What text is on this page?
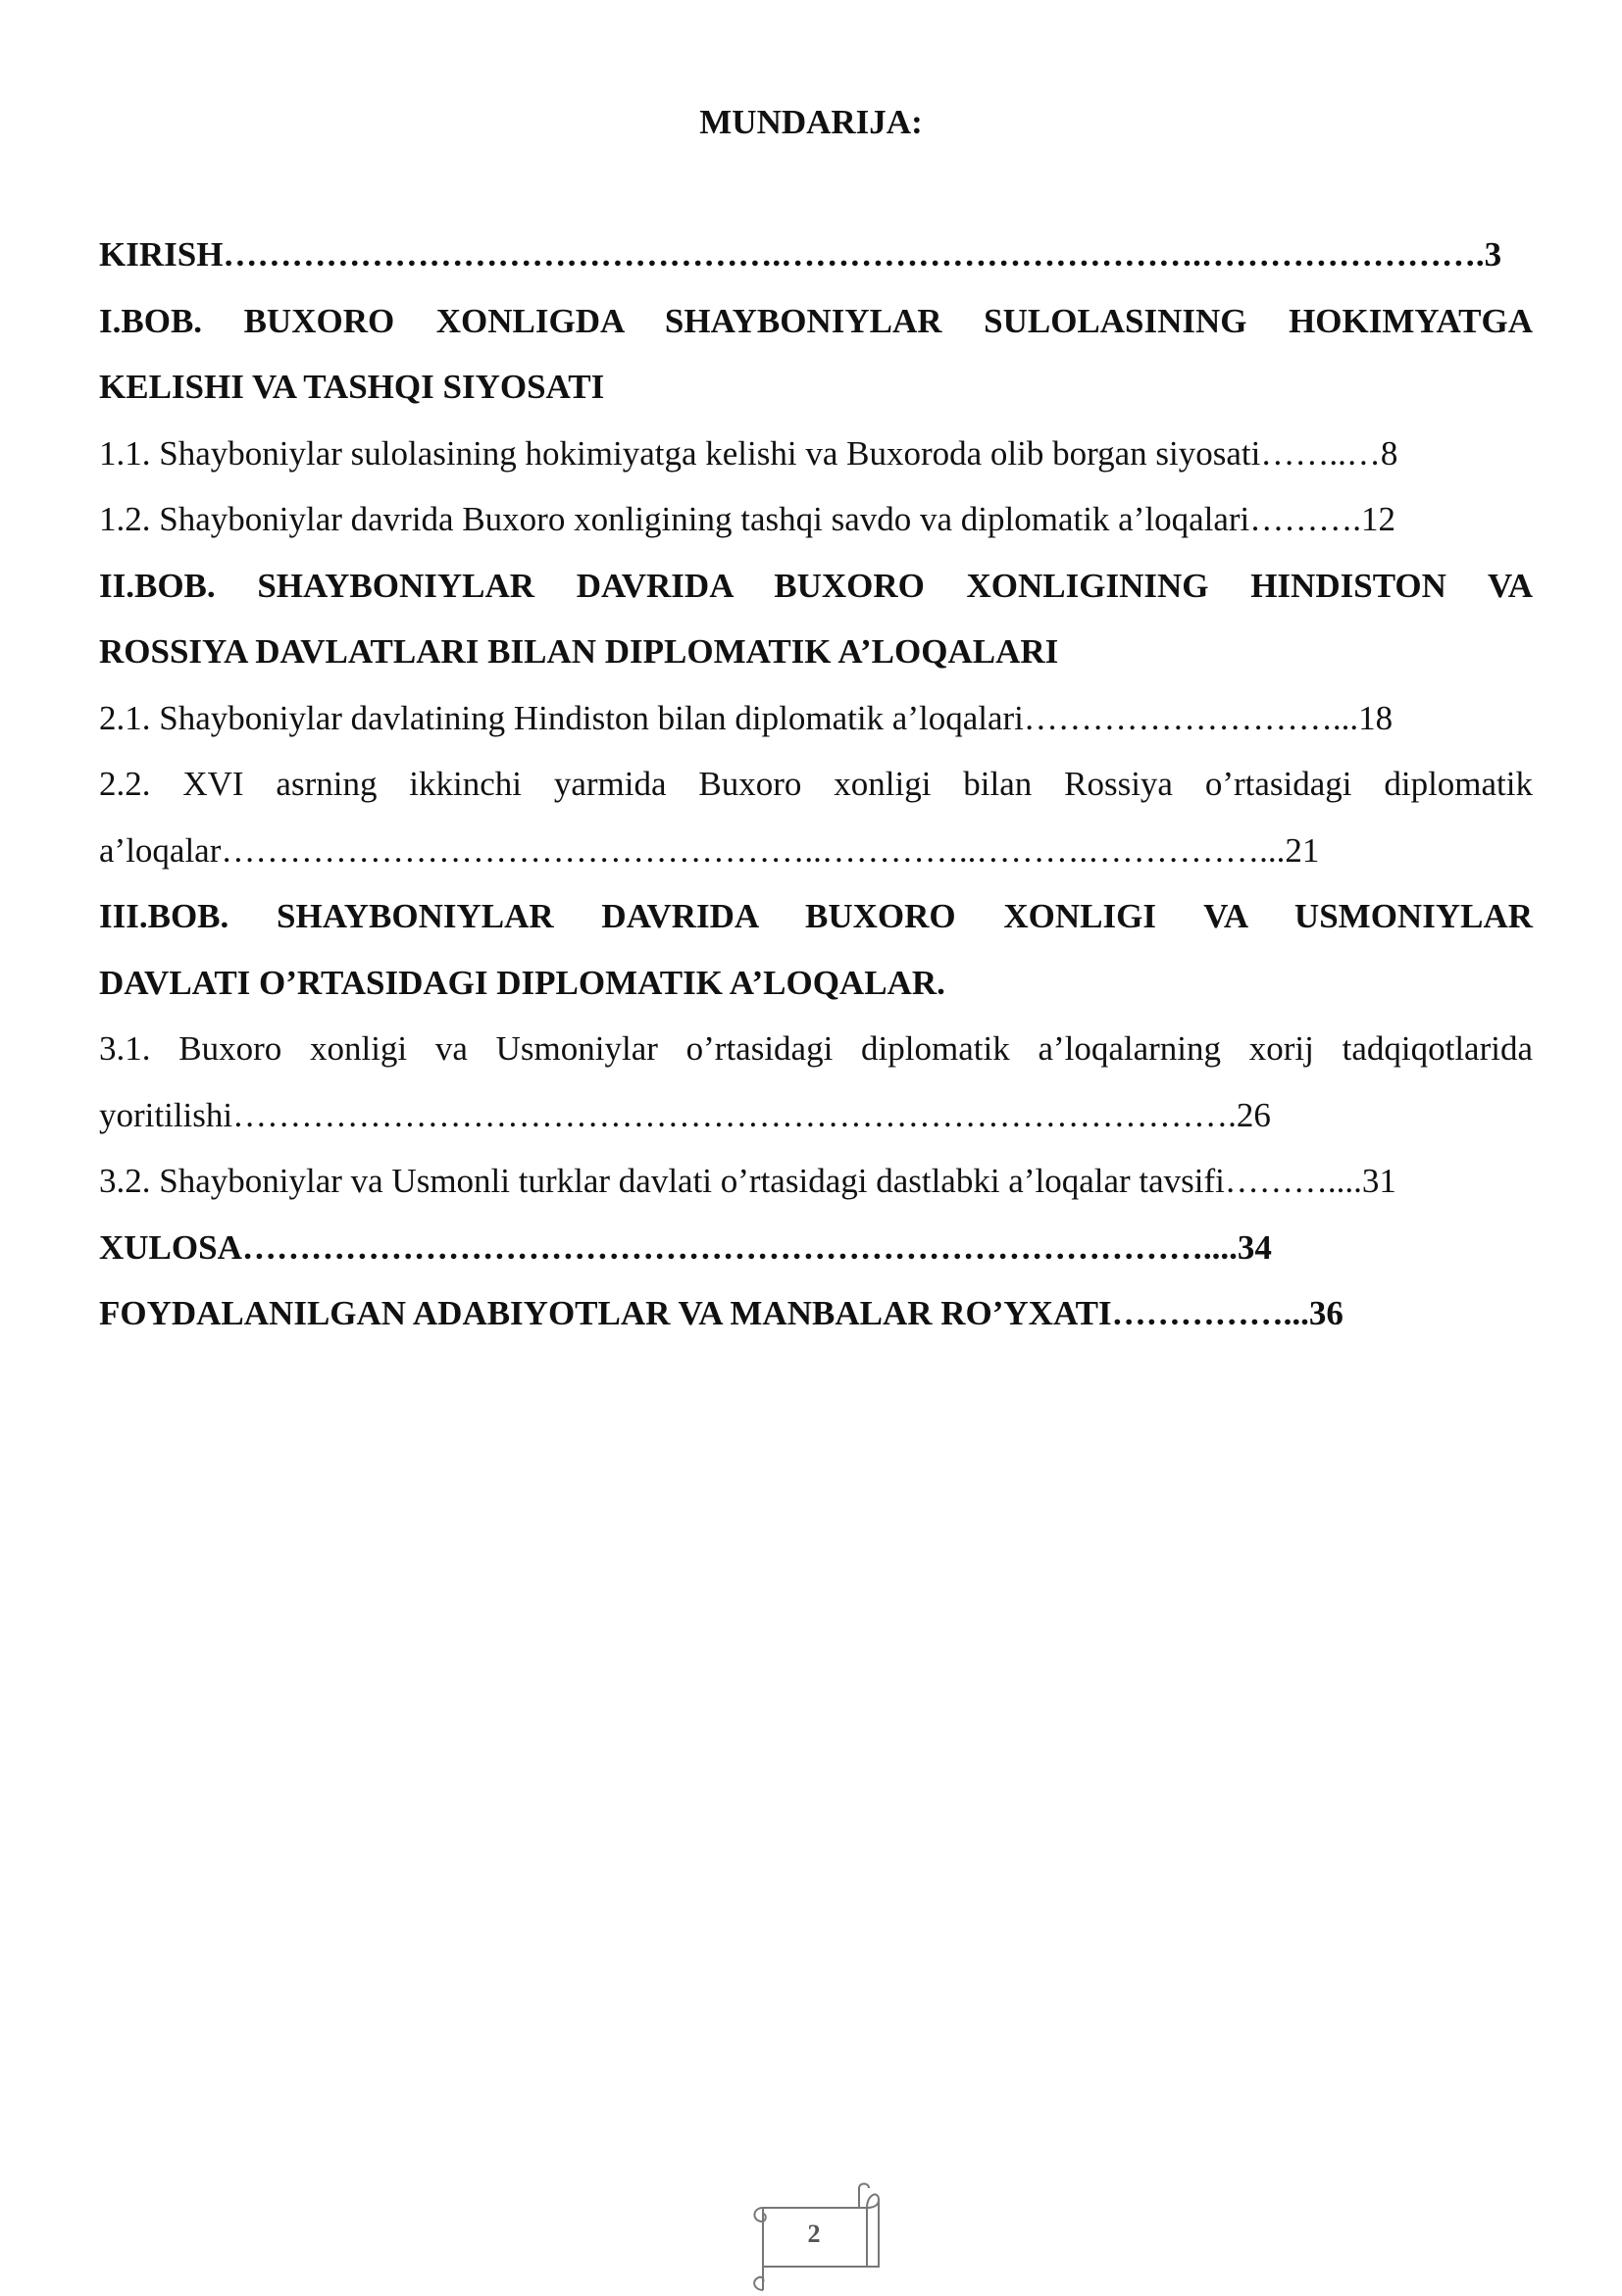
MUNDARIJA:

KIRISH………………………………………….……………………………….…………………….3

I.BOB. BUXORO XONLIGDA SHAYBONIYLAR SULOLASINING HOKIMYATGA

KELISHI VA TASHQI SIYOSATI

1.1. Shayboniylar sulolasining hokimiyatga kelishi va Buxoroda olib borgan siyosati……..…8

1.2. Shayboniylar davrida Buxoro xonligining tashqi savdo va diplomatik a’loqalari……….12

II.BOB. SHAYBONIYLAR DAVRIDA BUXORO XONLIGINING HINDISTON VA

ROSSIYA DAVLATLARI BILAN DIPLOMATIK A’LOQALARI

2.1. Shayboniylar davlatining Hindiston bilan diplomatik a’loqalari………………………...18

2.2. XVI asrning ikkinchi yarmida Buxoro xonligi bilan Rossiya o’rtasidagi diplomatik

a’loqalar……………………………………………..…………..……….……………...21

III.BOB. SHAYBONIYLAR DAVRIDA BUXORO XONLIGI VA USMONIYLAR

DAVLATI O’RTASIDAGI DIPLOMATIK A’LOQALAR.

3.1. Buxoro xonligi va Usmoniylar o’rtasidagi diplomatik a’loqalarning xorij tadqiqotlarida

yoritilishi…………………………………………………………………………….26

3.2. Shayboniylar va Usmonli turklar davlati o’rtasidagi dastlabki a’loqalar tavsifi………....31

XULOSA…………………………………………………………………………....34

FOYDALANILGAN ADABIYOTLAR VA MANBALAR RO’YXATI……………...36

2
